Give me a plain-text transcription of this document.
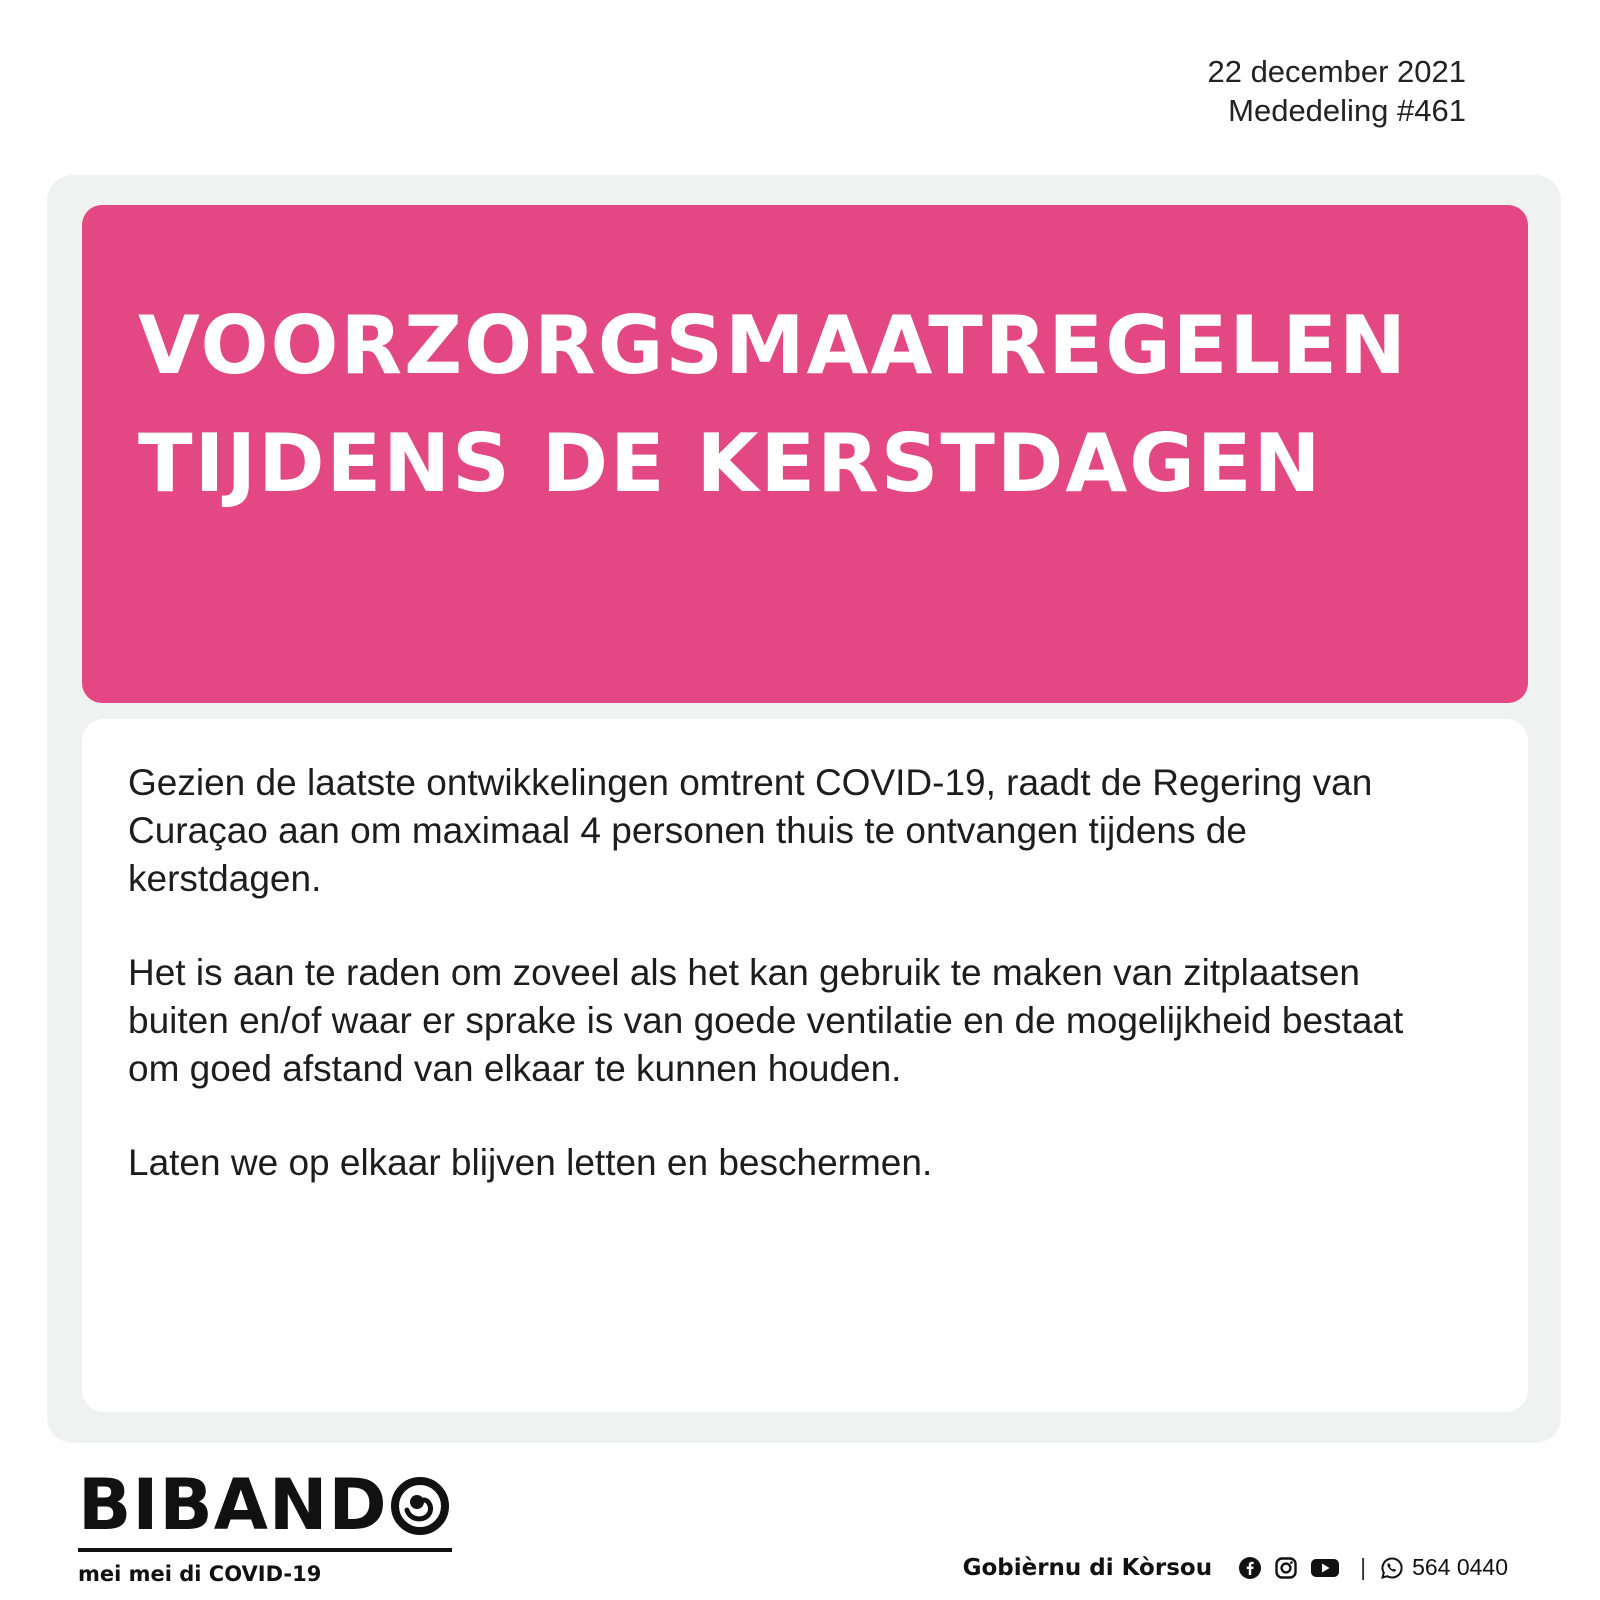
22 december 2021
Mededeling #461
VOORZORGSMAATREGELEN
TIJDENS DE KERSTDAGEN

Gezien de laatste ontwikkelingen omtrent COVID-19, raadt de Regering van Curaçao aan om maximaal 4 personen thuis te ontvangen tijdens de kerstdagen.

Het is aan te raden om zoveel als het kan gebruik te maken van zitplaatsen buiten en/of waar er sprake is van goede ventilatie en de mogelijkheid bestaat om goed afstand van elkaar te kunnen houden.

Laten we op elkaar blijven letten en beschermen.

BIBAND
mei mei di COVID-19	Gobièrnu di Kòrsou	| 564 0440
